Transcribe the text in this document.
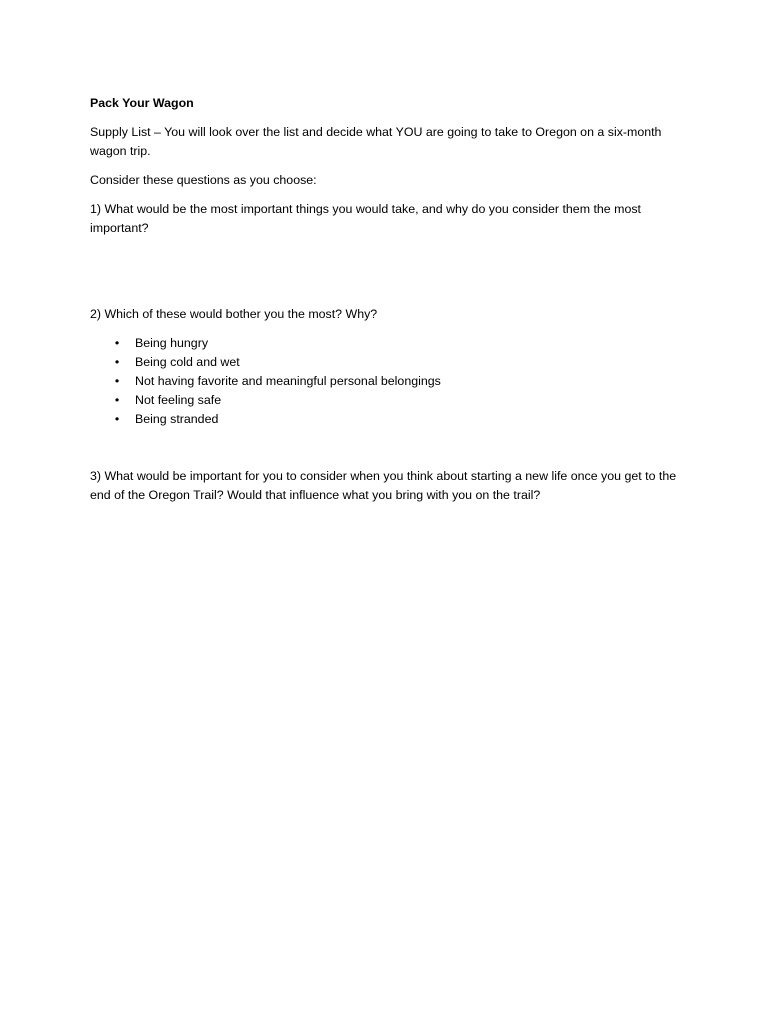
Pack Your Wagon

Supply List – You will look over the list and decide what YOU are going to take to Oregon on a six-month wagon trip.

Consider these questions as you choose:

1) What would be the most important things you would take, and why do you consider them the most important?

2) Which of these would bother you the most? Why?

• Being hungry
• Being cold and wet
• Not having favorite and meaningful personal belongings
• Not feeling safe
• Being stranded

3) What would be important for you to consider when you think about starting a new life once you get to the end of the Oregon Trail? Would that influence what you bring with you on the trail?
